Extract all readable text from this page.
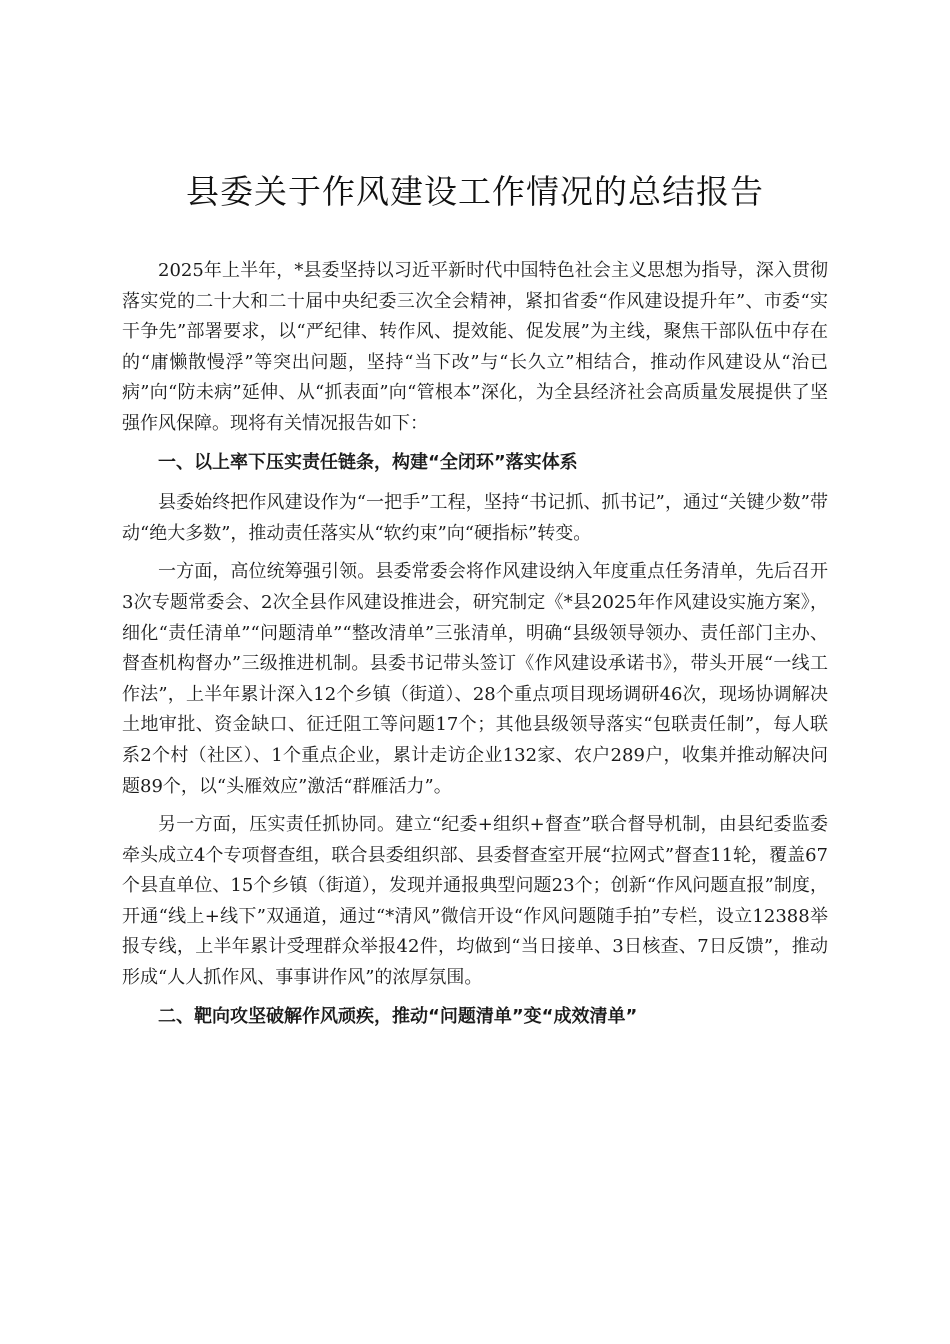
县委关于作风建设工作情况的总结报告

2025年上半年，*县委坚持以习近平新时代中国特色社会主义思想为指导，深入贯彻落实党的二十大和二十届中央纪委三次全会精神，紧扣省委“作风建设提升年”、市委“实干争先”部署要求，以“严纪律、转作风、提效能、促发展”为主线，聚焦干部队伍中存在的“庸懒散慢浮”等突出问题，坚持“当下改”与“长久立”相结合，推动作风建设从“治已病”向“防未病”延伸、从“抓表面”向“管根本”深化，为全县经济社会高质量发展提供了坚强作风保障。现将有关情况报告如下：

一、以上率下压实责任链条，构建“全闭环”落实体系

县委始终把作风建设作为“一把手”工程，坚持“书记抓、抓书记”，通过“关键少数”带动“绝大多数”，推动责任落实从“软约束”向“硬指标”转变。

一方面，高位统筹强引领。县委常委会将作风建设纳入年度重点任务清单，先后召开3次专题常委会、2次全县作风建设推进会，研究制定《*县2025年作风建设实施方案》，细化“责任清单”“问题清单”“整改清单”三张清单，明确“县级领导领办、责任部门主办、督查机构督办”三级推进机制。县委书记带头签订《作风建设承诺书》，带头开展“一线工作法”，上半年累计深入12个乡镇（街道）、28个重点项目现场调研46次，现场协调解决土地审批、资金缺口、征迁阻工等问题17个；其他县级领导落实“包联责任制”，每人联系2个村（社区）、1个重点企业，累计走访企业132家、农户289户，收集并推动解决问题89个，以“头雁效应”激活“群雁活力”。

另一方面，压实责任抓协同。建立“纪委+组织+督查”联合督导机制，由县纪委监委牵头成立4个专项督查组，联合县委组织部、县委督查室开展“拉网式”督查11轮，覆盖67个县直单位、15个乡镇（街道），发现并通报典型问题23个；创新“作风问题直报”制度，开通“线上+线下”双通道，通过“*清风”微信开设“作风问题随手拍”专栏，设立12388举报专线，上半年累计受理群众举报42件，均做到“当日接单、3日核查、7日反馈”，推动形成“人人抓作风、事事讲作风”的浓厚氛围。

二、靶向攻坚破解作风顽疾，推动“问题清单”变“成效清单”
